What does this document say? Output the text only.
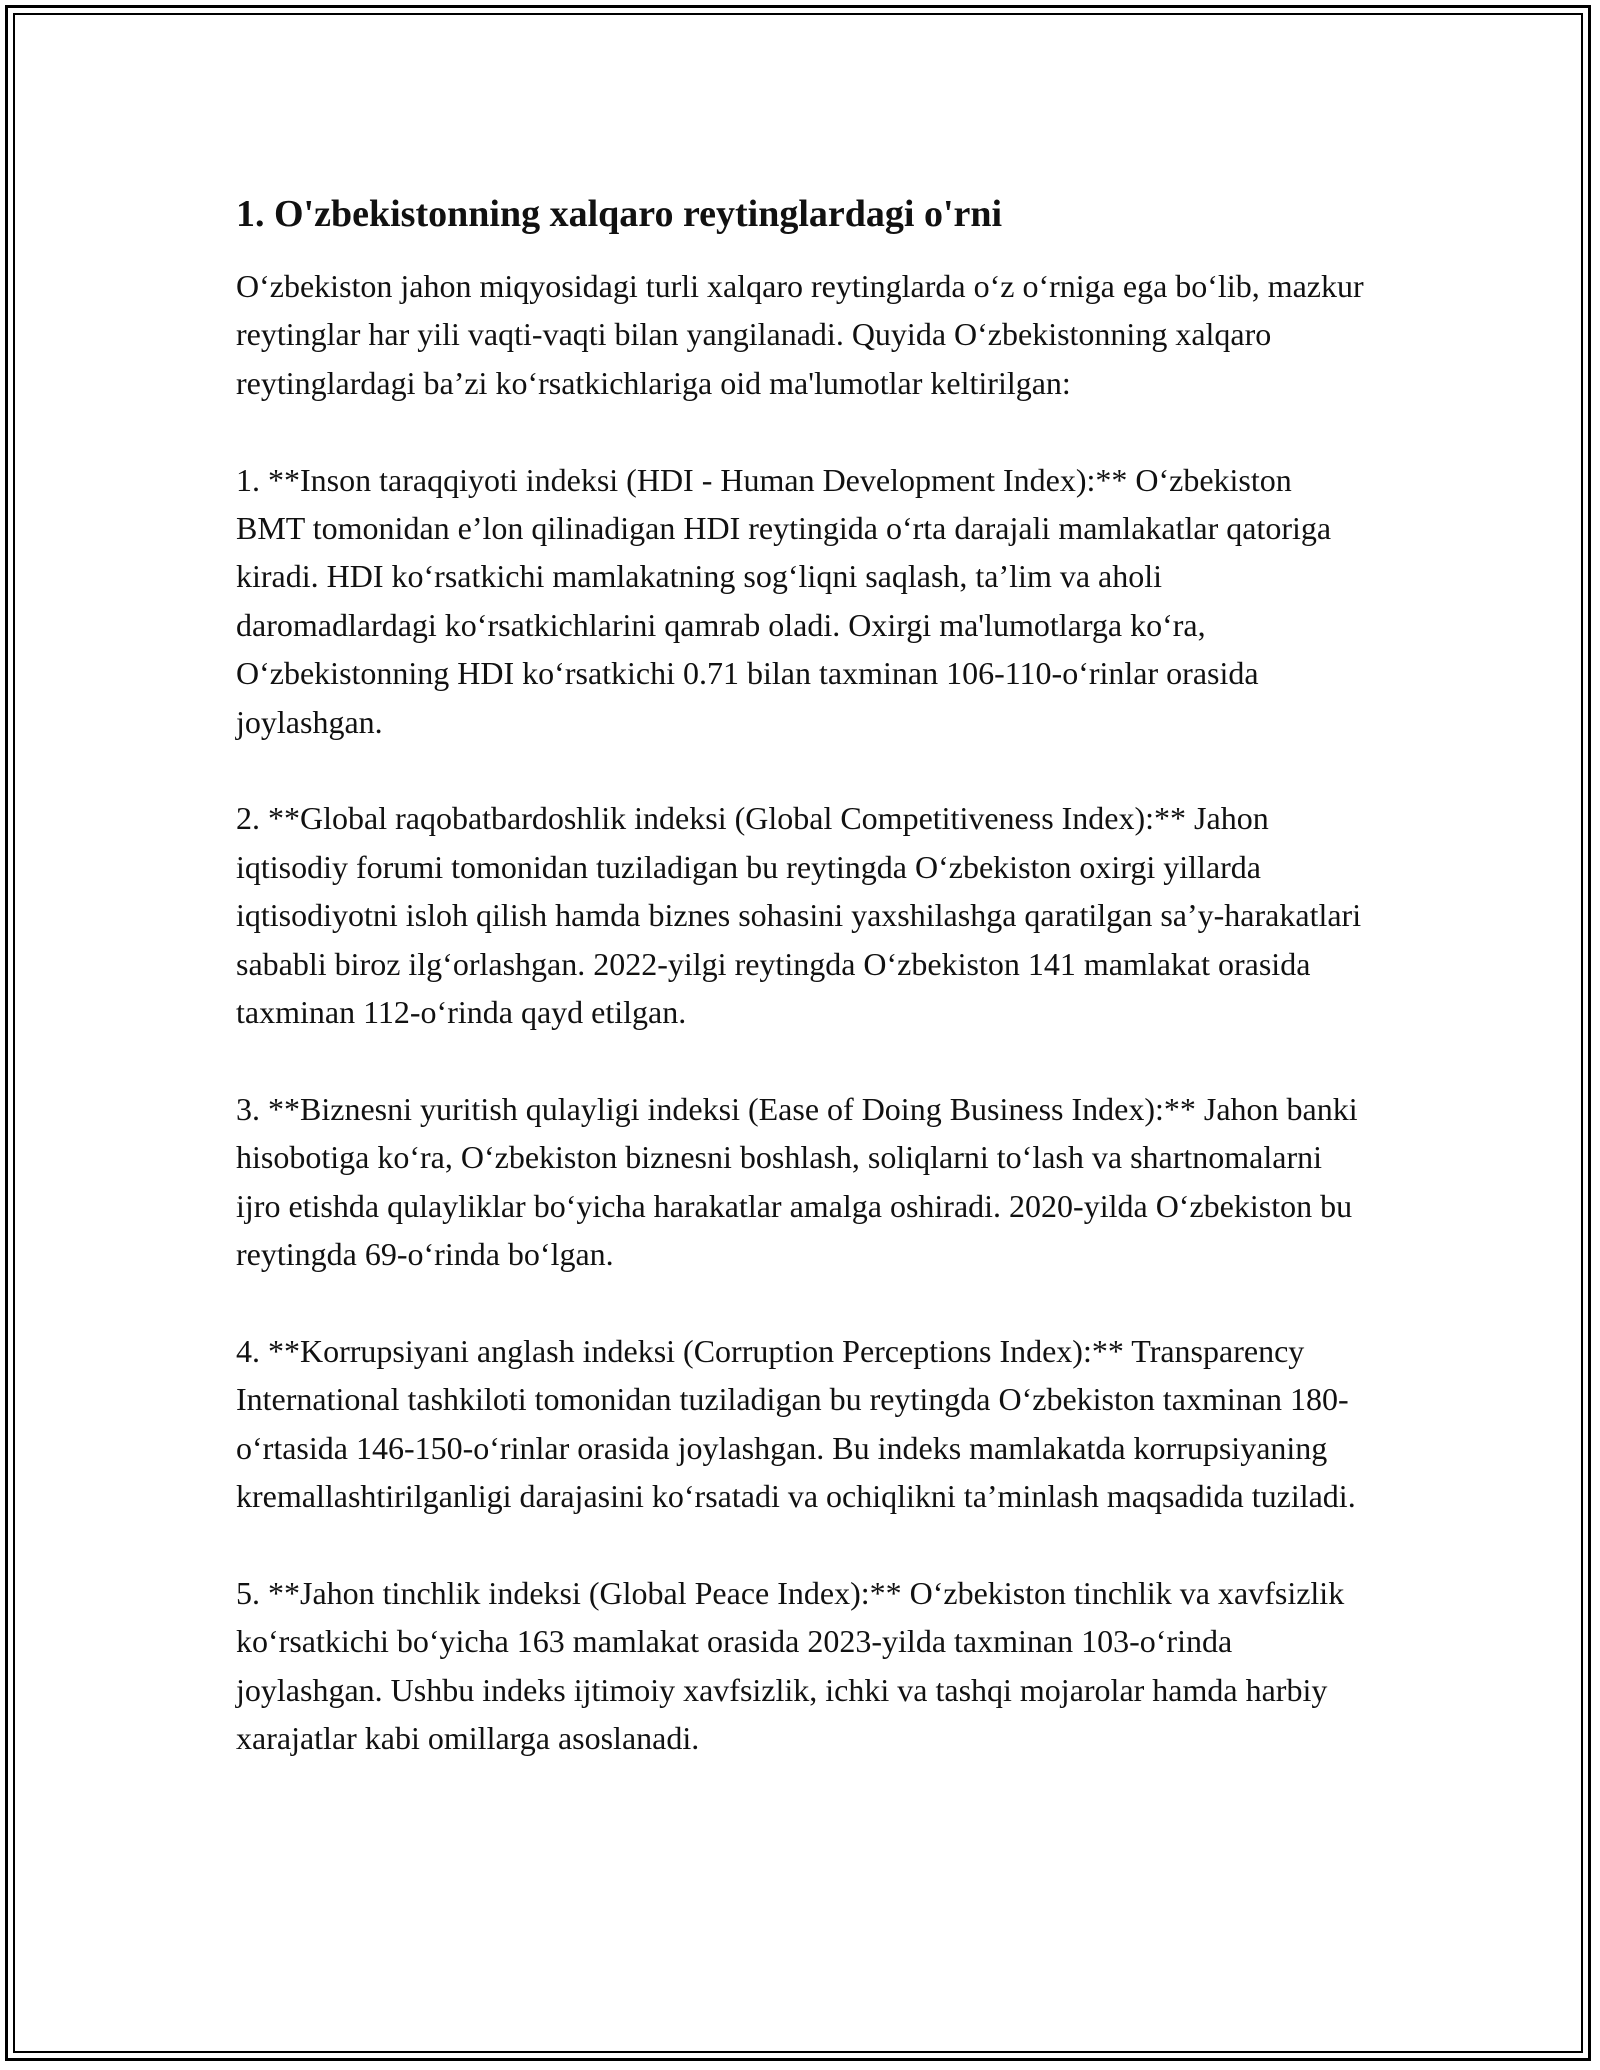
1. O'zbekistonning xalqaro reytinglardagi o'rni

O‘zbekiston jahon miqyosidagi turli xalqaro reytinglarda o‘z o‘rniga ega bo‘lib, mazkur reytinglar har yili vaqti-vaqti bilan yangilanadi. Quyida O‘zbekistonning xalqaro reytinglardagi ba’zi ko‘rsatkichlariga oid ma'lumotlar keltirilgan:

1. **Inson taraqqiyoti indeksi (HDI - Human Development Index):** O‘zbekiston BMT tomonidan e’lon qilinadigan HDI reytingida o‘rta darajali mamlakatlar qatoriga kiradi. HDI ko‘rsatkichi mamlakatning sog‘liqni saqlash, ta’lim va aholi daromadlardagi ko‘rsatkichlarini qamrab oladi. Oxirgi ma'lumotlarga ko‘ra, O‘zbekistonning HDI ko‘rsatkichi 0.71 bilan taxminan 106-110-o‘rinlar orasida joylashgan.

2. **Global raqobatbardoshlik indeksi (Global Competitiveness Index):** Jahon iqtisodiy forumi tomonidan tuziladigan bu reytingda O‘zbekiston oxirgi yillarda iqtisodiyotni isloh qilish hamda biznes sohasini yaxshilashga qaratilgan sa’y-harakatlari sababli biroz ilg‘orlashgan. 2022-yilgi reytingda O‘zbekiston 141 mamlakat orasida taxminan 112-o‘rinda qayd etilgan.

3. **Biznesni yuritish qulayligi indeksi (Ease of Doing Business Index):** Jahon banki hisobotiga ko‘ra, O‘zbekiston biznesni boshlash, soliqlarni to‘lash va shartnomalarni ijro etishda qulayliklar bo‘yicha harakatlar amalga oshiradi. 2020-yilda O‘zbekiston bu reytingda 69-o‘rinda bo‘lgan.

4. **Korrupsiyani anglash indeksi (Corruption Perceptions Index):** Transparency International tashkiloti tomonidan tuziladigan bu reytingda O‘zbekiston taxminan 180-o‘rtasida 146-150-o‘rinlar orasida joylashgan. Bu indeks mamlakatda korrupsiyaning kremallashtirilganligi darajasini ko‘rsatadi va ochiqlikni ta’minlash maqsadida tuziladi.

5. **Jahon tinchlik indeksi (Global Peace Index):** O‘zbekiston tinchlik va xavfsizlik ko‘rsatkichi bo‘yicha 163 mamlakat orasida 2023-yilda taxminan 103-o‘rinda joylashgan. Ushbu indeks ijtimoiy xavfsizlik, ichki va tashqi mojarolar hamda harbiy xarajatlar kabi omillarga asoslanadi.
